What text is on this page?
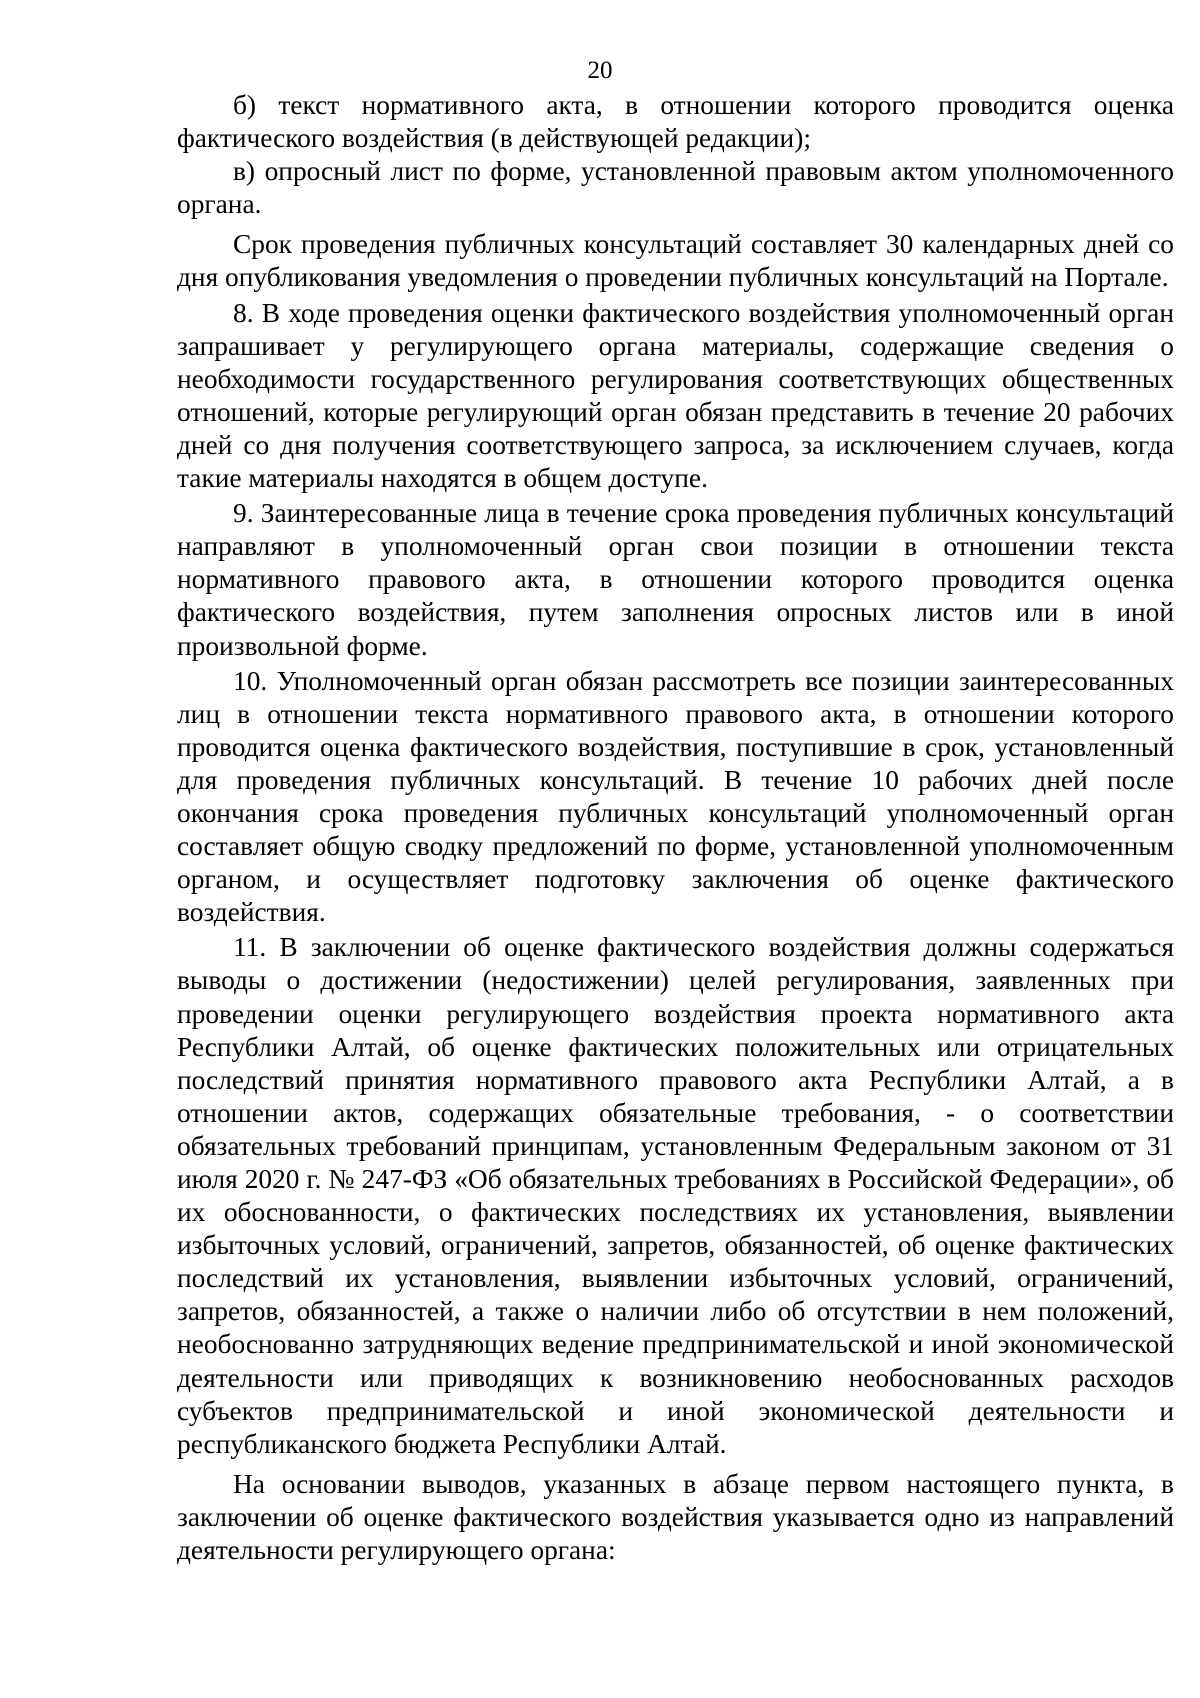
20

б) текст нормативного акта, в отношении которого проводится оценка фактического воздействия (в действующей редакции);

в) опросный лист по форме, установленной правовым актом уполномоченного органа.

Срок проведения публичных консультаций составляет 30 календарных дней со дня опубликования уведомления о проведении публичных консультаций на Портале.

8. В ходе проведения оценки фактического воздействия уполномоченный орган запрашивает у регулирующего органа материалы, содержащие сведения о необходимости государственного регулирования соответствующих общественных отношений, которые регулирующий орган обязан представить в течение 20 рабочих дней со дня получения соответствующего запроса, за исключением случаев, когда такие материалы находятся в общем доступе.

9. Заинтересованные лица в течение срока проведения публичных консультаций направляют в уполномоченный орган свои позиции в отношении текста нормативного правового акта, в отношении которого проводится оценка фактического воздействия, путем заполнения опросных листов или в иной произвольной форме.

10. Уполномоченный орган обязан рассмотреть все позиции заинтересованных лиц в отношении текста нормативного правового акта, в отношении которого проводится оценка фактического воздействия, поступившие в срок, установленный для проведения публичных консультаций. В течение 10 рабочих дней после окончания срока проведения публичных консультаций уполномоченный орган составляет общую сводку предложений по форме, установленной уполномоченным органом, и осуществляет подготовку заключения об оценке фактического воздействия.

11. В заключении об оценке фактического воздействия должны содержаться выводы о достижении (недостижении) целей регулирования, заявленных при проведении оценки регулирующего воздействия проекта нормативного акта Республики Алтай, об оценке фактических положительных или отрицательных последствий принятия нормативного правового акта Республики Алтай, а в отношении актов, содержащих обязательные требования, - о соответствии обязательных требований принципам, установленным Федеральным законом от 31 июля 2020 г. № 247-ФЗ «Об обязательных требованиях в Российской Федерации», об их обоснованности, о фактических последствиях их установления, выявлении избыточных условий, ограничений, запретов, обязанностей, об оценке фактических последствий их установления, выявлении избыточных условий, ограничений, запретов, обязанностей, а также о наличии либо об отсутствии в нем положений, необоснованно затрудняющих ведение предпринимательской и иной экономической деятельности или приводящих к возникновению необоснованных расходов субъектов предпринимательской и иной экономической деятельности и республиканского бюджета Республики Алтай.

На основании выводов, указанных в абзаце первом настоящего пункта, в заключении об оценке фактического воздействия указывается одно из направлений деятельности регулирующего органа:
